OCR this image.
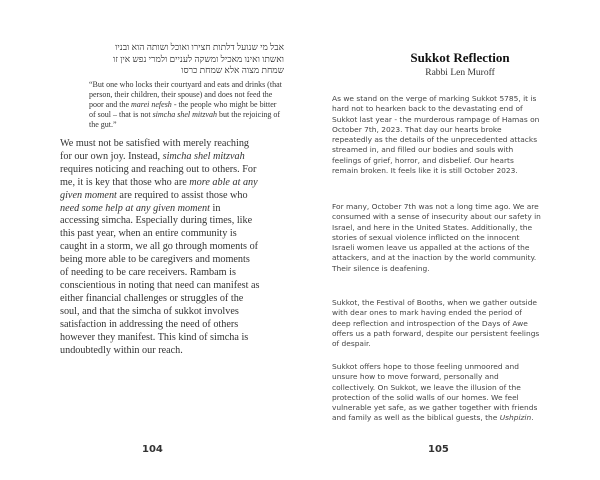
אבל מי שנועל דלתות חצירו ואוכל ושותה הוא ובניו
ואשתו ואינו מאכיל ומשקה לעניים ולמרי נפש אין זו
שמחת מצוה אלא שמחת כרסו
“But one who locks their courtyard and eats and drinks (that person, their children, their spouse) and does not feed the poor and the marei nefesh - the people who might be bitter of soul – that is not simcha shel mitzvah but the rejoicing of the gut.”
We must not be satisfied with merely reaching for our own joy. Instead, simcha shel mitzvah requires noticing and reaching out to others. For me, it is key that those who are more able at any given moment are required to assist those who need some help at any given moment in accessing simcha. Especially during times, like this past year, when an entire community is caught in a storm, we all go through moments of being more able to be caregivers and moments of needing to be care receivers. Rambam is conscientious in noting that need can manifest as either financial challenges or struggles of the soul, and that the simcha of sukkot involves satisfaction in addressing the need of others however they manifest. This kind of simcha is undoubtedly within our reach.
104
Sukkot Reflection
Rabbi Len Muroff
As we stand on the verge of marking Sukkot 5785, it is hard not to hearken back to the devastating end of Sukkot last year - the murderous rampage of Hamas on October 7th, 2023. That day our hearts broke repeatedly as the details of the unprecedented attacks streamed in, and filled our bodies and souls with feelings of grief, horror, and disbelief. Our hearts remain broken. It feels like it is still October 2023.
For many, October 7th was not a long time ago. We are consumed with a sense of insecurity about our safety in Israel, and here in the United States. Additionally, the stories of sexual violence inflicted on the innocent Israeli women leave us appalled at the actions of the attackers, and at the inaction by the world community. Their silence is deafening.
Sukkot, the Festival of Booths, when we gather outside with dear ones to mark having ended the period of deep reflection and introspection of the Days of Awe offers us a path forward, despite our persistent feelings of despair.
Sukkot offers hope to those feeling unmoored and unsure how to move forward, personally and collectively. On Sukkot, we leave the illusion of the protection of the solid walls of our homes. We feel vulnerable yet safe, as we gather together with friends and family as well as the biblical guests, the Ushpizin.
105
